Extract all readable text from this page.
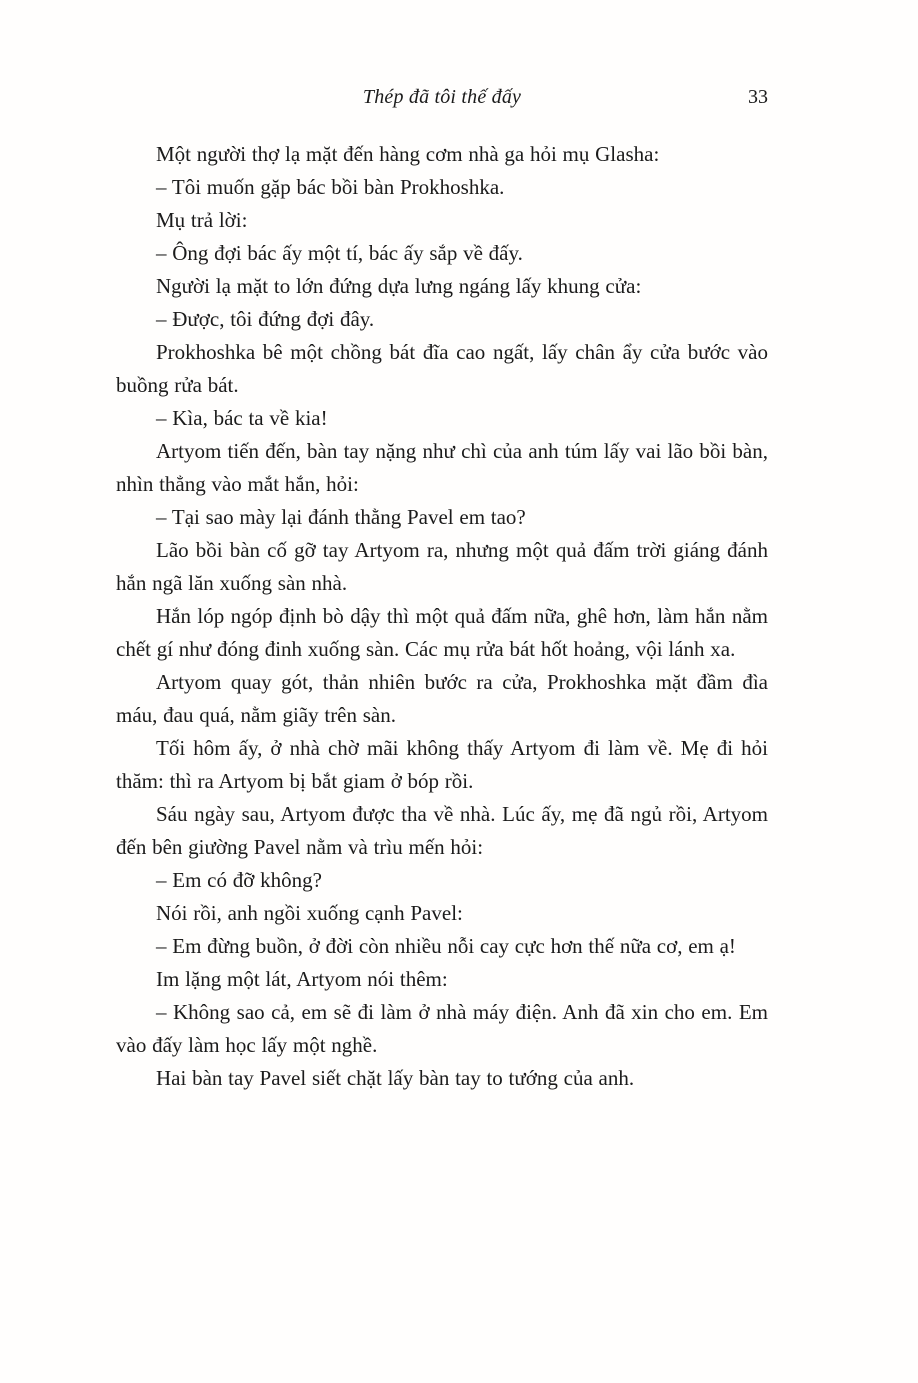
Thép đã tôi thế đấy	33

Một người thợ lạ mặt đến hàng cơm nhà ga hỏi mụ Glasha:

– Tôi muốn gặp bác bồi bàn Prokhoshka.

Mụ trả lời:

– Ông đợi bác ấy một tí, bác ấy sắp về đấy.

Người lạ mặt to lớn đứng dựa lưng ngáng lấy khung cửa:

– Được, tôi đứng đợi đây.

Prokhoshka bê một chồng bát đĩa cao ngất, lấy chân ẩy cửa bước vào buồng rửa bát.

– Kìa, bác ta về kia!

Artyom tiến đến, bàn tay nặng như chì của anh túm lấy vai lão bồi bàn, nhìn thẳng vào mắt hắn, hỏi:

– Tại sao mày lại đánh thằng Pavel em tao?

Lão bồi bàn cố gỡ tay Artyom ra, nhưng một quả đấm trời giáng đánh hắn ngã lăn xuống sàn nhà.

Hắn lóp ngóp định bò dậy thì một quả đấm nữa, ghê hơn, làm hắn nằm chết gí như đóng đinh xuống sàn. Các mụ rửa bát hốt hoảng, vội lánh xa.

Artyom quay gót, thản nhiên bước ra cửa, Prokhoshka mặt đầm đìa máu, đau quá, nằm giãy trên sàn.

Tối hôm ấy, ở nhà chờ mãi không thấy Artyom đi làm về. Mẹ đi hỏi thăm: thì ra Artyom bị bắt giam ở bóp rồi.

Sáu ngày sau, Artyom được tha về nhà. Lúc ấy, mẹ đã ngủ rồi, Artyom đến bên giường Pavel nằm và trìu mến hỏi:

– Em có đỡ không?

Nói rồi, anh ngồi xuống cạnh Pavel:

– Em đừng buồn, ở đời còn nhiều nỗi cay cực hơn thế nữa cơ, em ạ!

Im lặng một lát, Artyom nói thêm:

– Không sao cả, em sẽ đi làm ở nhà máy điện. Anh đã xin cho em. Em vào đấy làm học lấy một nghề.

Hai bàn tay Pavel siết chặt lấy bàn tay to tướng của anh.
